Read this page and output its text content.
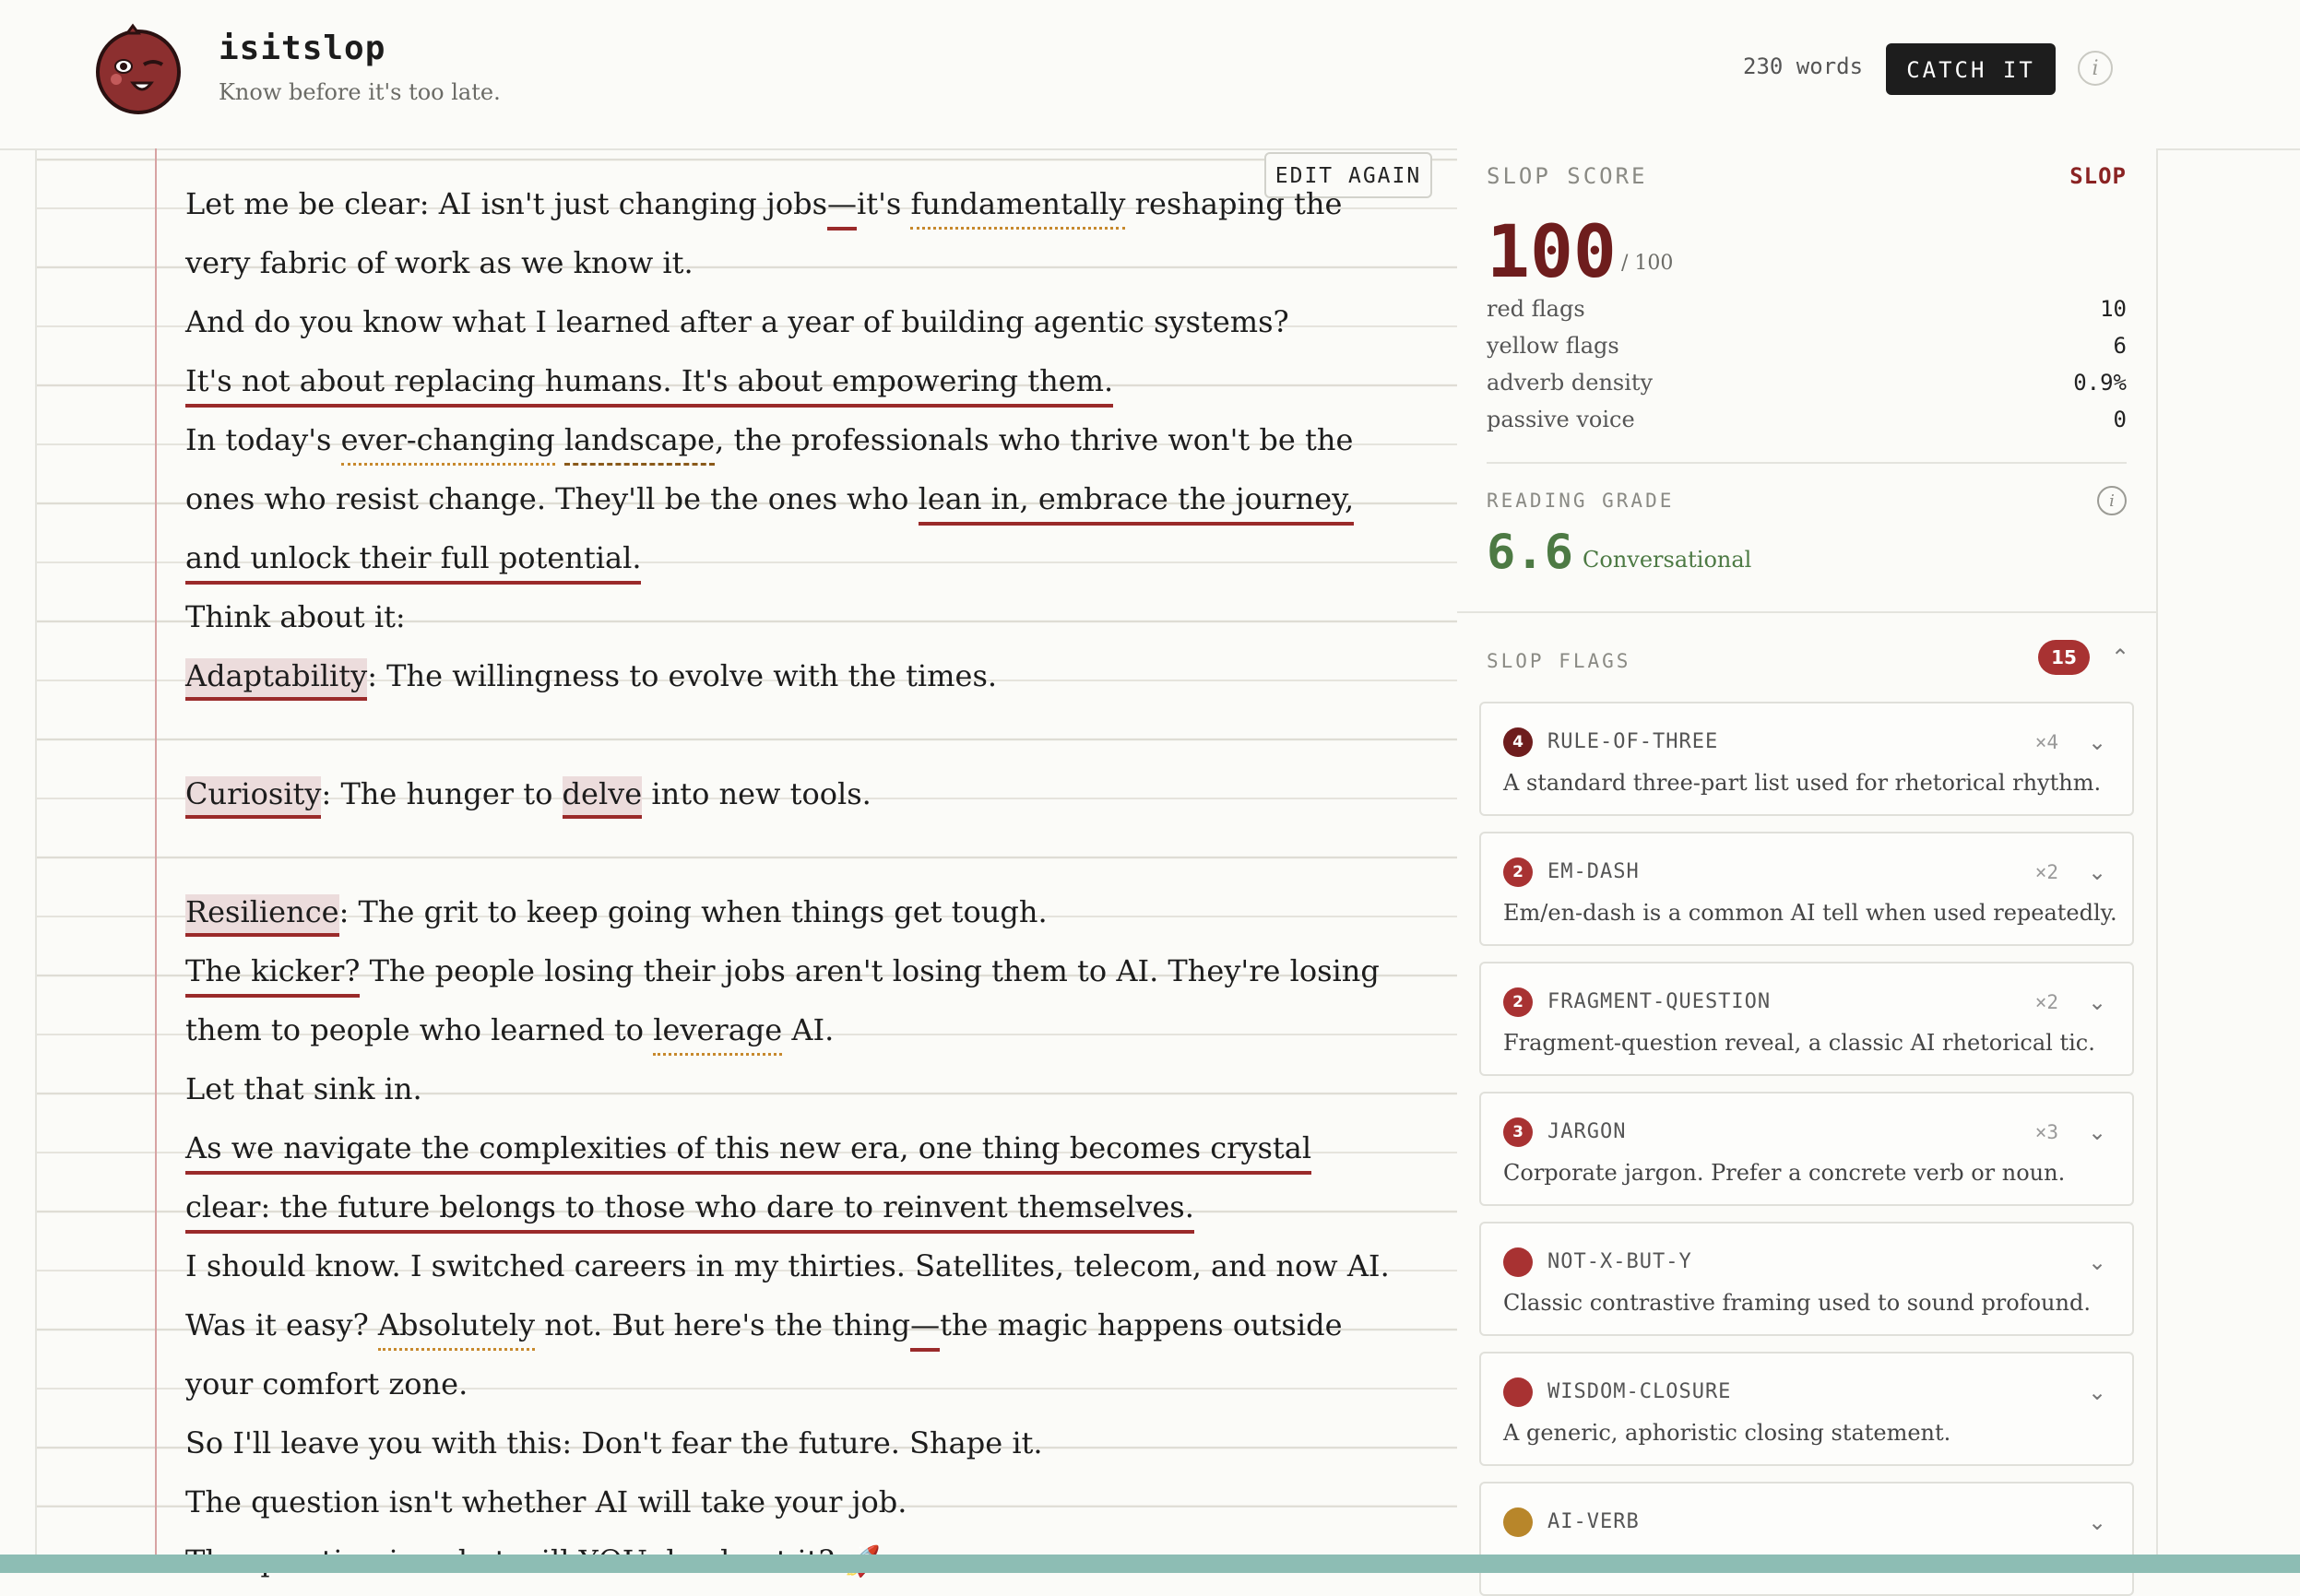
isitslop
Know before it's too late.
230 words	CATCH IT	i
EDIT AGAIN
Let me be clear: AI isn't just changing jobs—it's fundamentally reshaping the
very fabric of work as we know it.
And do you know what I learned after a year of building agentic systems?
It's not about replacing humans. It's about empowering them.
In today's ever-changing landscape, the professionals who thrive won't be the
ones who resist change. They'll be the ones who lean in, embrace the journey,
and unlock their full potential.
Think about it:
Adaptability: The willingness to evolve with the times.
Curiosity: The hunger to delve into new tools.
Resilience: The grit to keep going when things get tough.
The kicker? The people losing their jobs aren't losing them to AI. They're losing
them to people who learned to leverage AI.
Let that sink in.
As we navigate the complexities of this new era, one thing becomes crystal
clear: the future belongs to those who dare to reinvent themselves.
I should know. I switched careers in my thirties. Satellites, telecom, and now AI.
Was it easy? Absolutely not. But here's the thing—the magic happens outside
your comfort zone.
So I'll leave you with this: Don't fear the future. Shape it.
The question isn't whether AI will take your job.
SLOP SCORE	SLOP
100 / 100
red flags	10
yellow flags	6
adverb density	0.9%
passive voice	0
READING GRADE	i
6.6 Conversational
SLOP FLAGS	15	⌃
4	RULE-OF-THREE	×4 ⌄
A standard three-part list used for rhetorical rhythm.
2	EM-DASH	×2 ⌄
Em/en-dash is a common AI tell when used repeatedly.
2	FRAGMENT-QUESTION	×2 ⌄
Fragment-question reveal, a classic AI rhetorical tic.
3	JARGON	×3 ⌄
Corporate jargon. Prefer a concrete verb or noun.
NOT-X-BUT-Y	⌄
Classic contrastive framing used to sound profound.
WISDOM-CLOSURE	⌄
A generic, aphoristic closing statement.
AI-VERB	⌄
